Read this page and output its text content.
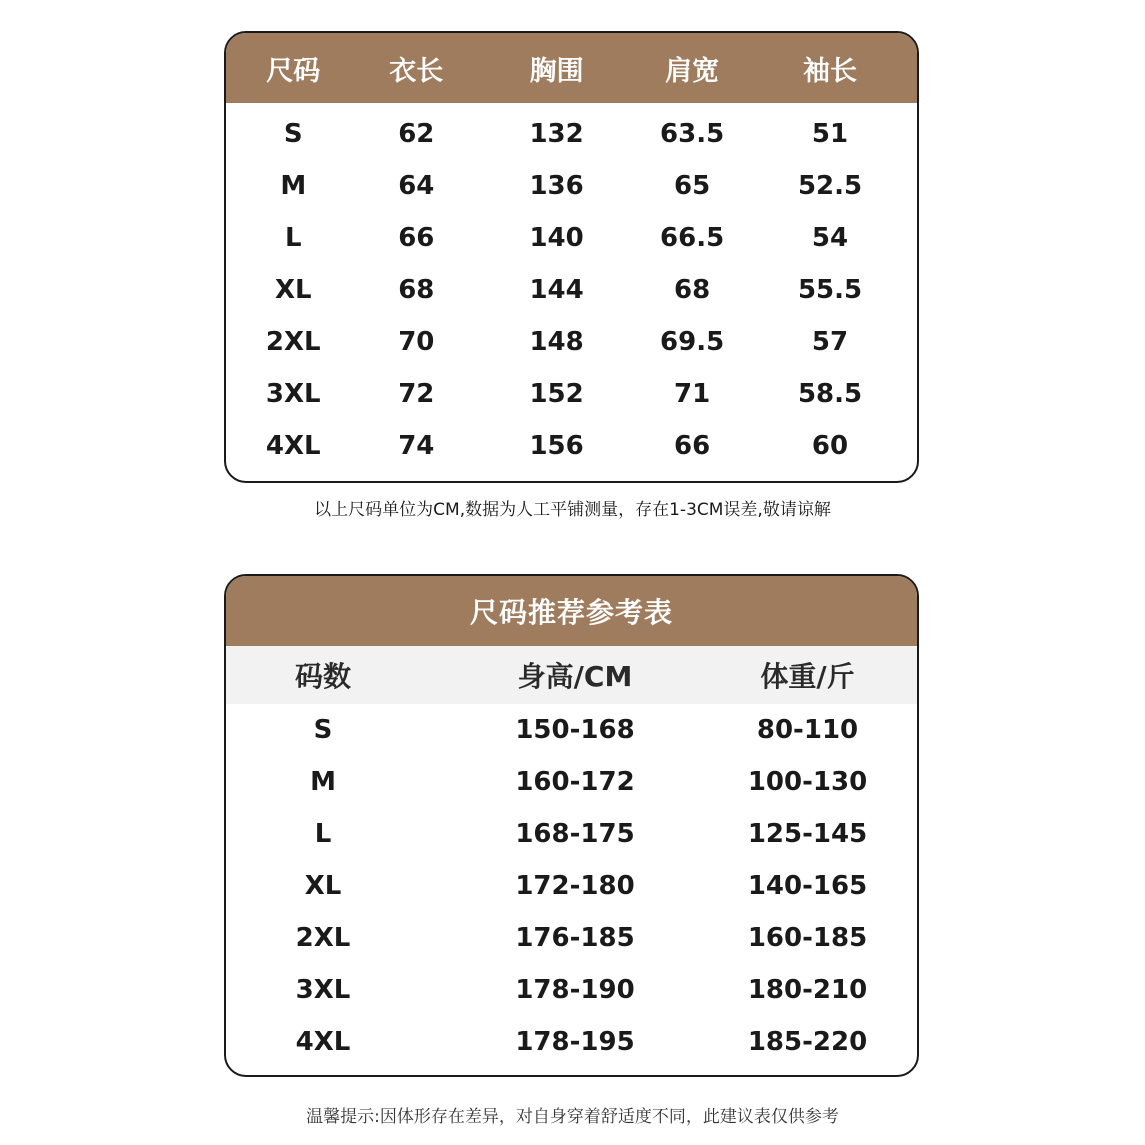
尺码	衣长	胸围	肩宽	袖长
S	62	132	63.5	51
M	64	136	65	52.5
L	66	140	66.5	54
XL	68	144	68	55.5
2XL	70	148	69.5	57
3XL	72	152	71	58.5
4XL	74	156	66	60
以上尺码单位为CM,数据为人工平铺测量，存在1-3CM误差,敬请谅解
尺码推荐参考表
码数	身高/CM	体重/斤
S	150-168	80-110
M	160-172	100-130
L	168-175	125-145
XL	172-180	140-165
2XL	176-185	160-185
3XL	178-190	180-210
4XL	178-195	185-220
温馨提示:因体形存在差异，对自身穿着舒适度不同，此建议表仅供参考
